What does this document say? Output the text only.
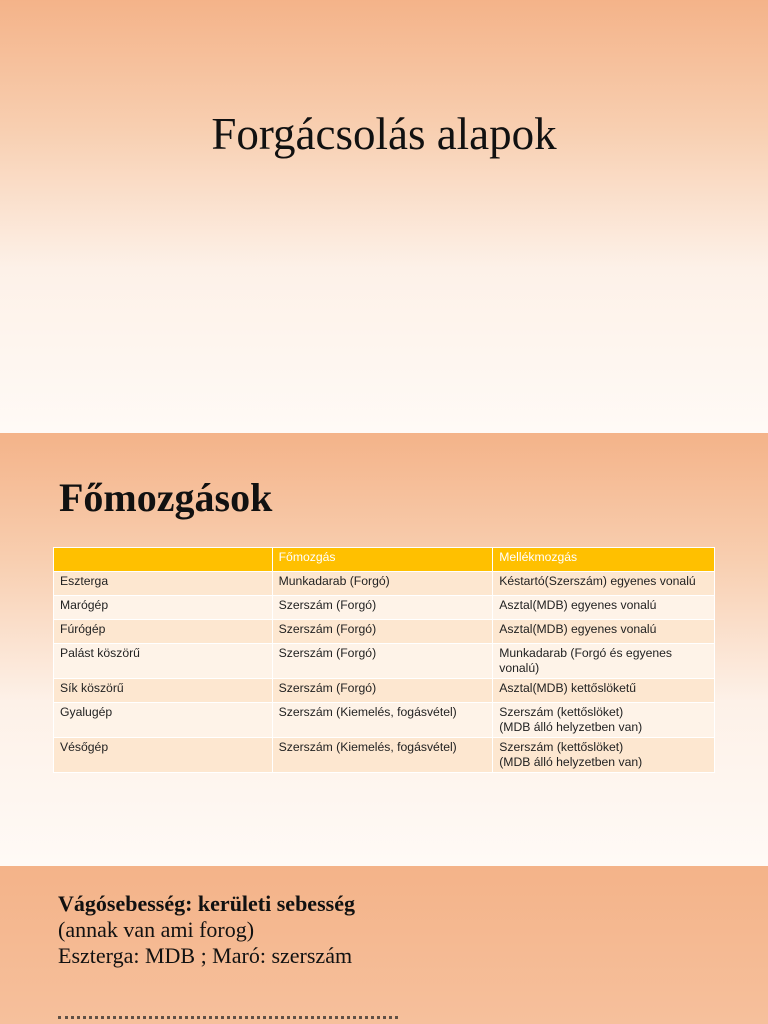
Forgácsolás alapok
Főmozgások
	Főmozgás	Mellékmozgás
Eszterga	Munkadarab (Forgó)	Késtartó(Szerszám) egyenes vonalú

Marógép	Szerszám (Forgó)	Asztal(MDB) egyenes vonalú

Fúrógép	Szerszám (Forgó)	Asztal(MDB) egyenes vonalú

Palást köszörű	Szerszám (Forgó)	Munkadarab (Forgó és egyenes
vonalú)

Sík köszörű	Szerszám (Forgó)	Asztal(MDB) kettőslöketű

Gyalugép	Szerszám (Kiemelés, fogásvétel)	Szerszám (kettőslöket)
(MDB álló helyzetben van)

Vésőgép	Szerszám (Kiemelés, fogásvétel)	Szerszám (kettőslöket)
(MDB álló helyzetben van)
Vágósebesség: kerületi sebesség
(annak van ami forog)
Eszterga: MDB ; Maró: szerszám
